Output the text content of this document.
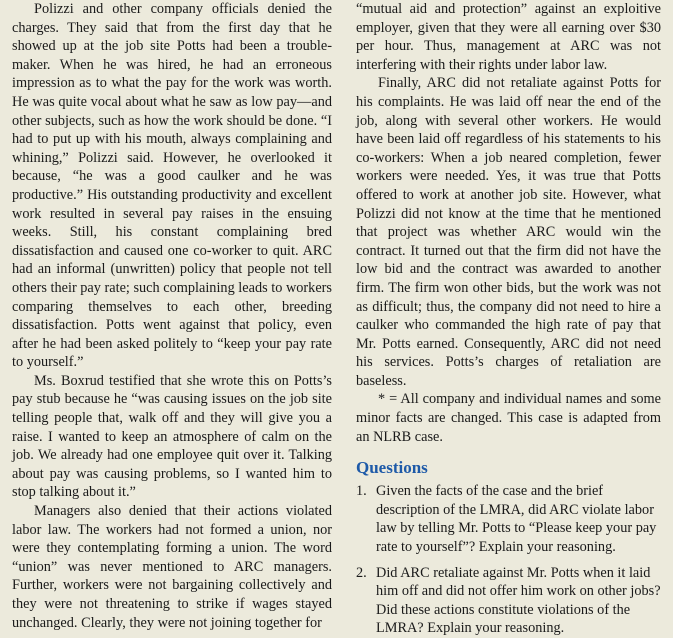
Polizzi and other company officials denied the charges. They said that from the first day that he showed up at the job site Potts had been a trouble-maker. When he was hired, he had an erroneous impression as to what the pay for the work was worth. He was quite vocal about what he saw as low pay—and other subjects, such as how the work should be done. “I had to put up with his mouth, always complaining and whining,” Polizzi said. However, he overlooked it because, “he was a good caulker and he was productive.” His outstanding productivity and excellent work resulted in several pay raises in the ensuing weeks. Still, his constant complaining bred dissatisfaction and caused one co-worker to quit. ARC had an informal (unwritten) policy that people not tell others their pay rate; such complaining leads to workers comparing themselves to each other, breeding dissatisfaction. Potts went against that policy, even after he had been asked politely to “keep your pay rate to yourself.”

Ms. Boxrud testified that she wrote this on Potts’s pay stub because he “was causing issues on the job site telling people that, walk off and they will give you a raise. I wanted to keep an atmosphere of calm on the job. We already had one employee quit over it. Talking about pay was causing problems, so I wanted him to stop talking about it.”

Managers also denied that their actions violated labor law. The workers had not formed a union, nor were they contemplating forming a union. The word “union” was never mentioned to ARC managers. Further, workers were not bargaining collectively and they were not threatening to strike if wages stayed unchanged. Clearly, they were not joining together for

“mutual aid and protection” against an exploitive employer, given that they were all earning over $30 per hour. Thus, management at ARC was not interfering with their rights under labor law.

Finally, ARC did not retaliate against Potts for his complaints. He was laid off near the end of the job, along with several other workers. He would have been laid off regardless of his statements to his co-workers: When a job neared completion, fewer workers were needed. Yes, it was true that Potts offered to work at another job site. However, what Polizzi did not know at the time that he mentioned that project was whether ARC would win the contract. It turned out that the firm did not have the low bid and the contract was awarded to another firm. The firm won other bids, but the work was not as difficult; thus, the company did not need to hire a caulker who commanded the high rate of pay that Mr. Potts earned. Consequently, ARC did not need his services. Potts’s charges of retaliation are baseless.

* = All company and individual names and some minor facts are changed. This case is adapted from an NLRB case.

Questions
1. Given the facts of the case and the brief description of the LMRA, did ARC violate labor law by telling Mr. Potts to “Please keep your pay rate to yourself”? Explain your reasoning.
2. Did ARC retaliate against Mr. Potts when it laid him off and did not offer him work on other jobs? Did these actions constitute violations of the LMRA? Explain your reasoning.
